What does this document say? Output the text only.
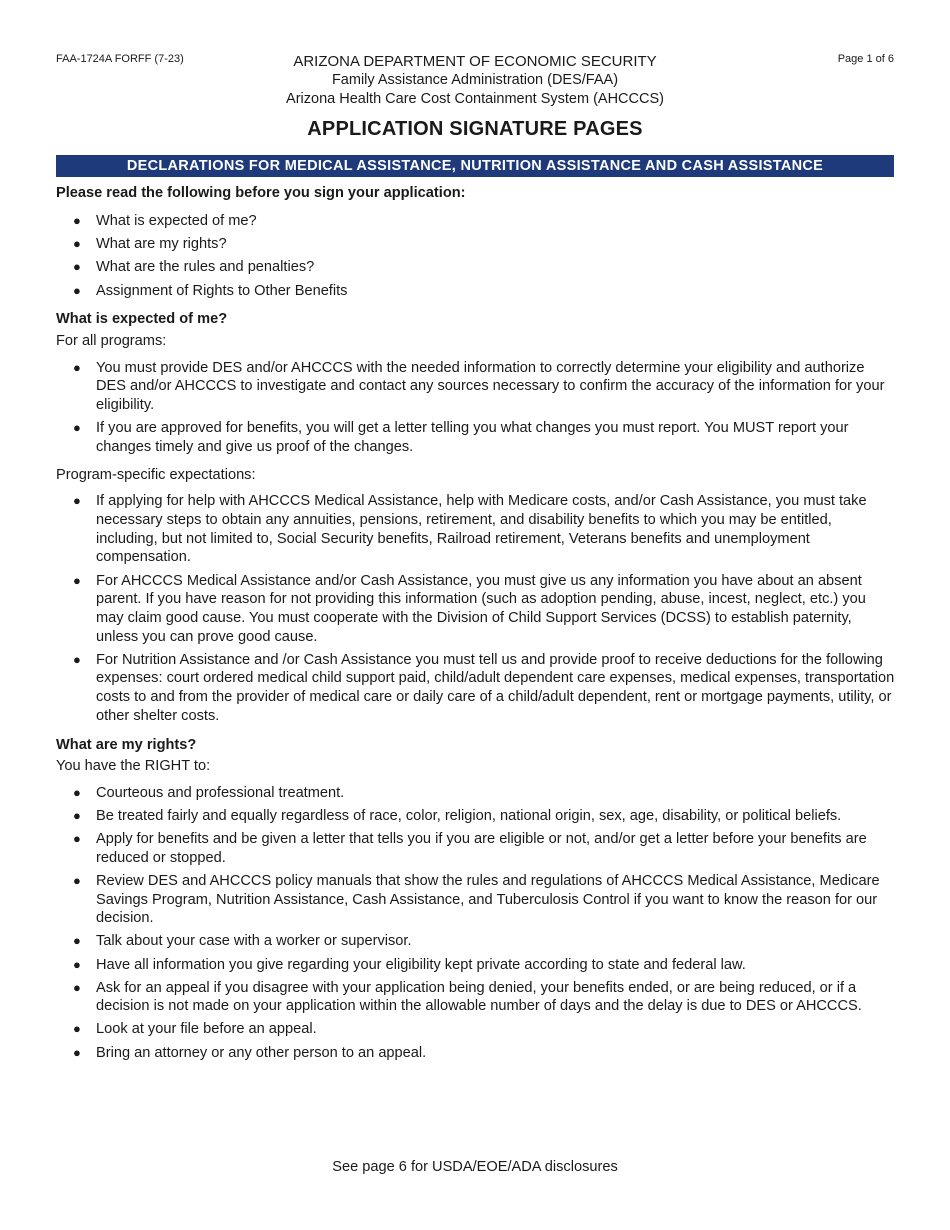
FAA-1724A FORFF (7-23)	Page 1 of 6
ARIZONA DEPARTMENT OF ECONOMIC SECURITY
Family Assistance Administration (DES/FAA)
Arizona Health Care Cost Containment System (AHCCCS)
APPLICATION SIGNATURE PAGES
DECLARATIONS FOR MEDICAL ASSISTANCE, NUTRITION ASSISTANCE AND CASH ASSISTANCE
Please read the following before you sign your application:
● What is expected of me?
● What are my rights?
● What are the rules and penalties?
● Assignment of Rights to Other Benefits
What is expected of me?
For all programs:
● You must provide DES and/or AHCCCS with the needed information to correctly determine your eligibility and authorize DES and/or AHCCCS to investigate and contact any sources necessary to confirm the accuracy of the information for your eligibility.
● If you are approved for benefits, you will get a letter telling you what changes you must report. You MUST report your changes timely and give us proof of the changes.
Program-specific expectations:
● If applying for help with AHCCCS Medical Assistance, help with Medicare costs, and/or Cash Assistance, you must take necessary steps to obtain any annuities, pensions, retirement, and disability benefits to which you may be entitled, including, but not limited to, Social Security benefits, Railroad retirement, Veterans benefits and unemployment compensation.
● For AHCCCS Medical Assistance and/or Cash Assistance, you must give us any information you have about an absent parent. If you have reason for not providing this information (such as adoption pending, abuse, incest, neglect, etc.) you may claim good cause. You must cooperate with the Division of Child Support Services (DCSS) to establish paternity, unless you can prove good cause.
● For Nutrition Assistance and /or Cash Assistance you must tell us and provide proof to receive deductions for the following expenses: court ordered medical child support paid, child/adult dependent care expenses, medical expenses, transportation costs to and from the provider of medical care or daily care of a child/adult dependent, rent or mortgage payments, utility, or other shelter costs.
What are my rights?
You have the RIGHT to:
● Courteous and professional treatment.
● Be treated fairly and equally regardless of race, color, religion, national origin, sex, age, disability, or political beliefs.
● Apply for benefits and be given a letter that tells you if you are eligible or not, and/or get a letter before your benefits are reduced or stopped.
● Review DES and AHCCCS policy manuals that show the rules and regulations of AHCCCS Medical Assistance, Medicare Savings Program, Nutrition Assistance, Cash Assistance, and Tuberculosis Control if you want to know the reason for our decision.
● Talk about your case with a worker or supervisor.
● Have all information you give regarding your eligibility kept private according to state and federal law.
● Ask for an appeal if you disagree with your application being denied, your benefits ended, or are being reduced, or if a decision is not made on your application within the allowable number of days and the delay is due to DES or AHCCCS.
● Look at your file before an appeal.
● Bring an attorney or any other person to an appeal.
See page 6 for USDA/EOE/ADA disclosures
